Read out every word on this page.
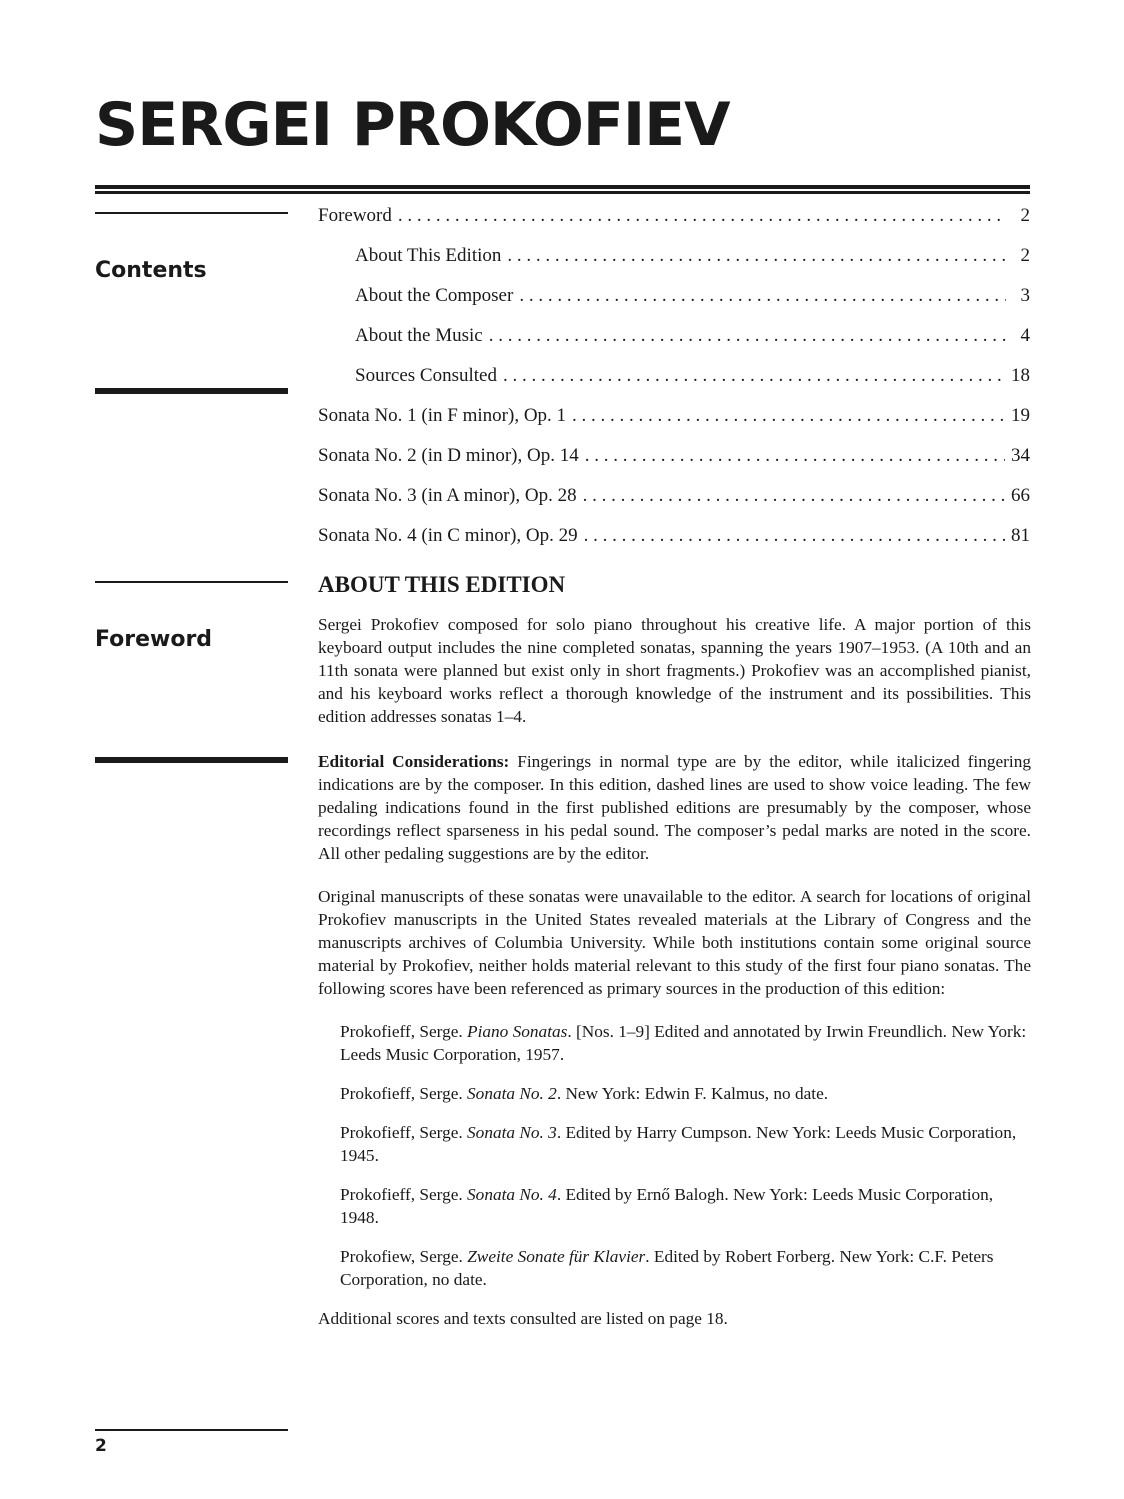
SERGEI PROKOFIEV

Contents

Foreword . . .	2
About This Edition . . .	2
About the Composer . . .	3
About the Music . . .	4
Sources Consulted . . .	18
Sonata No. 1 (in F minor), Op. 1 . . .	19
Sonata No. 2 (in D minor), Op. 14 . . .	34
Sonata No. 3 (in A minor), Op. 28 . . .	66
Sonata No. 4 (in C minor), Op. 29 . . .	81

Foreword

ABOUT THIS EDITION

Sergei Prokofiev composed for solo piano throughout his creative life. A major portion of this keyboard output includes the nine completed sonatas, spanning the years 1907–1953. (A 10th and an 11th sonata were planned but exist only in short fragments.) Prokofiev was an accomplished pianist, and his keyboard works reflect a thorough knowledge of the instrument and its possibilities. This edition addresses sonatas 1–4.

Editorial Considerations: Fingerings in normal type are by the editor, while italicized fingering indications are by the composer. In this edition, dashed lines are used to show voice leading. The few pedaling indications found in the first published editions are presumably by the composer, whose recordings reflect sparseness in his pedal sound. The composer’s pedal marks are noted in the score. All other pedaling suggestions are by the editor.

Original manuscripts of these sonatas were unavailable to the editor. A search for locations of original Prokofiev manuscripts in the United States revealed materials at the Library of Congress and the manuscripts archives of Columbia University. While both institutions contain some original source material by Prokofiev, neither holds material relevant to this study of the first four piano sonatas. The following scores have been referenced as primary sources in the production of this edition:

Prokofieff, Serge. Piano Sonatas. [Nos. 1–9] Edited and annotated by Irwin Freundlich. New York: Leeds Music Corporation, 1957.
Prokofieff, Serge. Sonata No. 2. New York: Edwin F. Kalmus, no date.
Prokofieff, Serge. Sonata No. 3. Edited by Harry Cumpson. New York: Leeds Music Corporation, 1945.
Prokofieff, Serge. Sonata No. 4. Edited by Ernő Balogh. New York: Leeds Music Corporation, 1948.
Prokofiew, Serge. Zweite Sonate für Klavier. Edited by Robert Forberg. New York: C.F. Peters Corporation, no date.

Additional scores and texts consulted are listed on page 18.

2
